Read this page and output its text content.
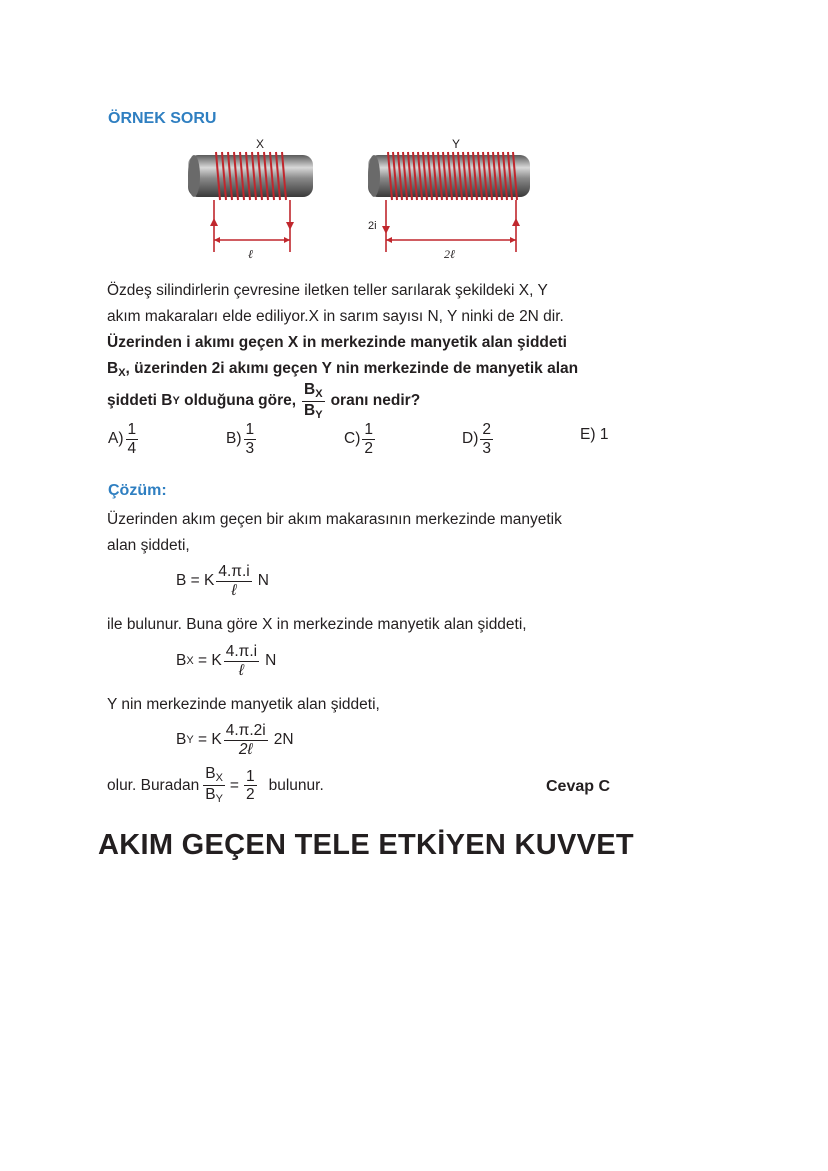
ÖRNEK SORU
X	Y
ℓ
2i
2ℓ
Özdeş silindirlerin çevresine iletken teller sarılarak şekildeki X, Y
akım makaraları elde ediliyor.X in sarım sayısı N, Y ninki de 2N dir.
Üzerinden i akımı geçen X in merkezinde manyetik alan şiddeti
$B_X$, üzerinden 2i akımı geçen Y nin merkezinde de manyetik alan
şiddeti B Y olduğuna göre, $\frac{B_X}{B_Y}$ oranı nedir?
$A) \frac{1}{4}$	$B) \frac{1}{3}$	$C) \frac{1}{2}$	$D) \frac{2}{3}$	E)
1
Çözüm:
Üzerinden akım geçen bir akım makarasının merkezinde manyetik
alan şiddeti,
B = K $\frac{4.\pi.i}{\text{ℓ}}$ N
ile bulunur. Buna göre X in merkezinde manyetik alan şiddeti,
B X = K $\frac{4.\pi.i}{\text{ℓ}}$ N
Y nin merkezinde manyetik alan şiddeti,
B Y = K $\frac{4.\pi.2i}{\text{2ℓ}} 2N$
olur. Buradan $\frac{B_X}{B_Y} = \frac{1}{2}$ bulunur.	Cevap C
AKIM GEÇEN TELE ETKİYEN KUVVET
